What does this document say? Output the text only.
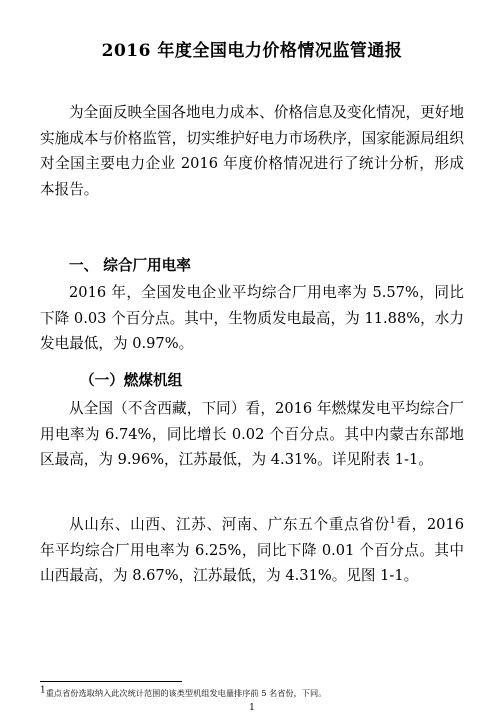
2016 年度全国电力价格情况监管通报

为全面反映全国各地电力成本、价格信息及变化情况，更好地实施成本与价格监管，切实维护好电力市场秩序，国家能源局组织对全国主要电力企业 2016 年度价格情况进行了统计分析，形成本报告。

一、 综合厂用电率

2016 年，全国发电企业平均综合厂用电率为 5.57%，同比下降 0.03 个百分点。其中，生物质发电最高，为 11.88%，水力发电最低，为 0.97%。

（一）燃煤机组

从全国（不含西藏，下同）看，2016 年燃煤发电平均综合厂用电率为 6.74%，同比增长 0.02 个百分点。其中内蒙古东部地区最高，为 9.96%，江苏最低，为 4.31%。详见附表 1-1。

从山东、山西、江苏、河南、广东五个重点省份$^1$看，2016 年平均综合厂用电率为 6.25%，同比下降 0.01 个百分点。其中山西最高，为 8.67%，江苏最低，为 4.31%。见图 1-1。

$^1$重点省份选取纳入此次统计范围的该类型机组发电量排序前 5 名省份，下同。
1
